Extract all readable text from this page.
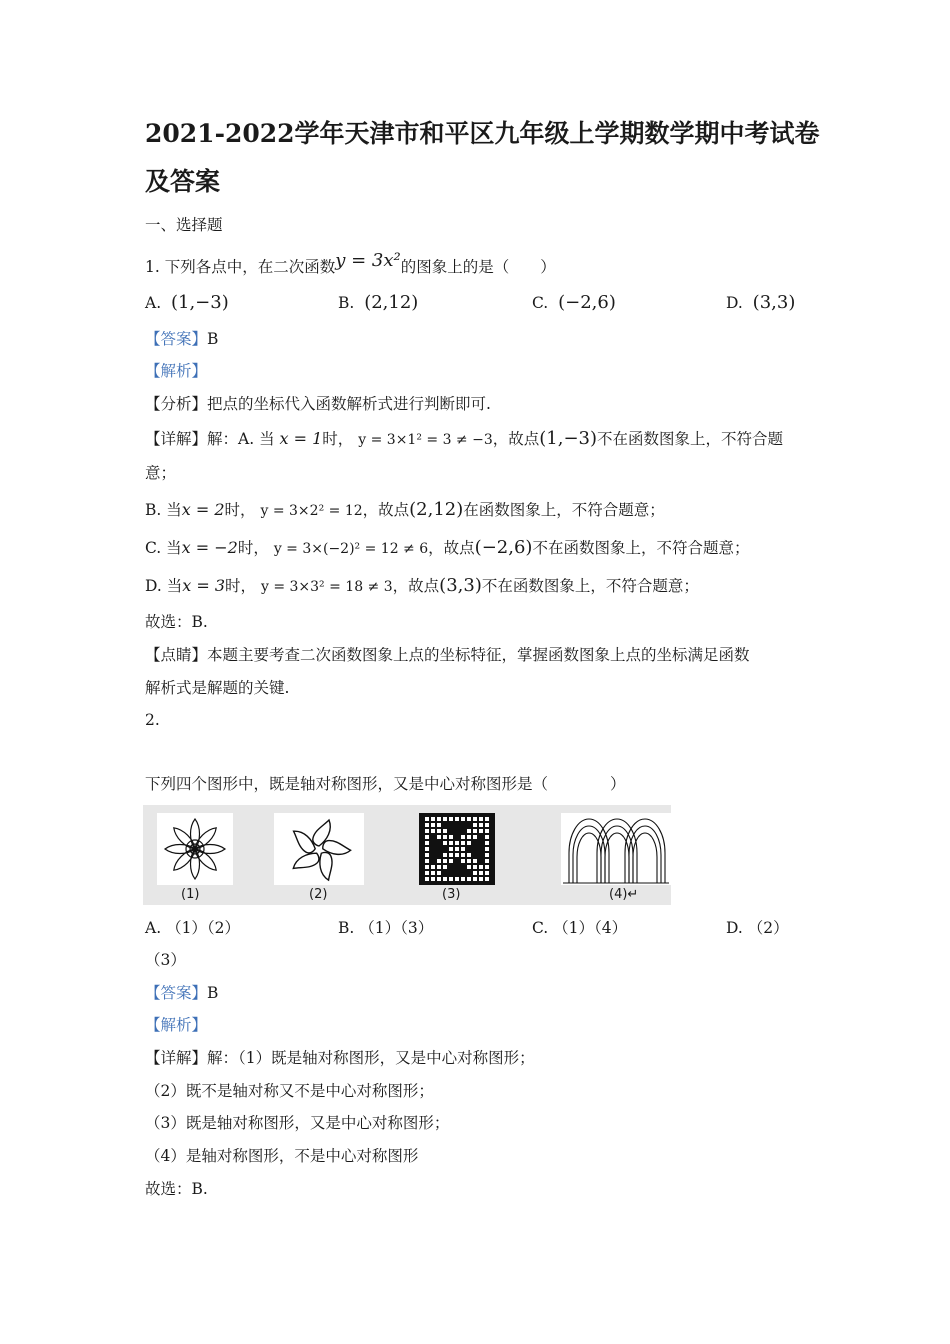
2021-2022学年天津市和平区九年级上学期数学期中考试卷
及答案
一、选择题
1. 下列各点中，在二次函数y = 3x²的图象上的是（　　）
A. (1,−3)	B. (2,12)	C. (−2,6)	D. (3,3)
【答案】B
【解析】
【分析】把点的坐标代入函数解析式进行判断即可.
【详解】解：A. 当 x = 1时， y = 3×1² = 3 ≠ −3，故点(1,−3)不在函数图象上，不符合题
意；
B. 当x = 2时， y = 3×2² = 12，故点(2,12)在函数图象上，不符合题意；
C. 当x = −2时， y = 3×(−2)² = 12 ≠ 6，故点(−2,6)不在函数图象上，不符合题意；
D. 当x = 3时， y = 3×3² = 18 ≠ 3，故点(3,3)不在函数图象上，不符合题意；
故选：B.
【点睛】本题主要考查二次函数图象上点的坐标特征，掌握函数图象上点的坐标满足函数
解析式是解题的关键.
2.
下列四个图形中，既是轴对称图形，又是中心对称图形是（　　　　）
(1)	(2)	(3)	(4)↵
A. （1）（2）	B. （1）（3）	C. （1）（4）	D. （2）
（3）
【答案】B
【解析】
【详解】解：（1）既是轴对称图形，又是中心对称图形；
（2）既不是轴对称又不是中心对称图形；
（3）既是轴对称图形，又是中心对称图形；
（4）是轴对称图形，不是中心对称图形
故选：B.
